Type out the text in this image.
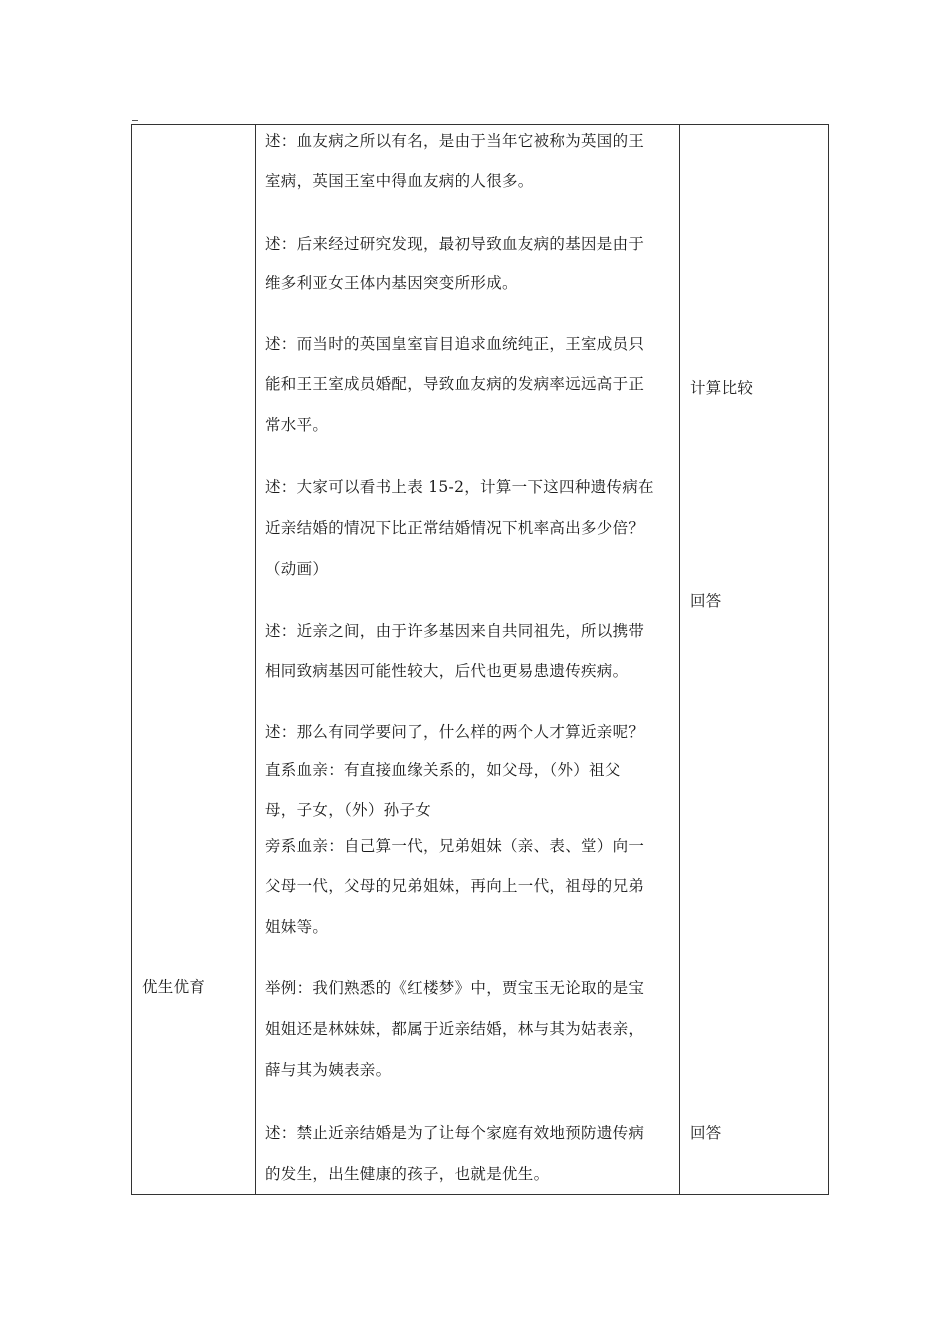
优生优育
述：血友病之所以有名，是由于当年它被称为英国的王
室病，英国王室中得血友病的人很多。
述：后来经过研究发现，最初导致血友病的基因是由于
维多利亚女王体内基因突变所形成。
述：而当时的英国皇室盲目追求血统纯正，王室成员只
能和王王室成员婚配，导致血友病的发病率远远高于正
常水平。
述：大家可以看书上表 15-2，计算一下这四种遗传病在
近亲结婚的情况下比正常结婚情况下机率高出多少倍？
（动画）
述：近亲之间，由于许多基因来自共同祖先，所以携带
相同致病基因可能性较大，后代也更易患遗传疾病。
述：那么有同学要问了，什么样的两个人才算近亲呢？
直系血亲：有直接血缘关系的，如父母，（外）祖父
母，子女，（外）孙子女
旁系血亲：自己算一代，兄弟姐妹（亲、表、堂）向一
父母一代，父母的兄弟姐妹，再向上一代，祖母的兄弟
姐妹等。
举例：我们熟悉的《红楼梦》中，贾宝玉无论取的是宝
姐姐还是林妹妹，都属于近亲结婚，林与其为姑表亲，
薛与其为姨表亲。
述：禁止近亲结婚是为了让每个家庭有效地预防遗传病
的发生，出生健康的孩子，也就是优生。
计算比较
回答
回答
